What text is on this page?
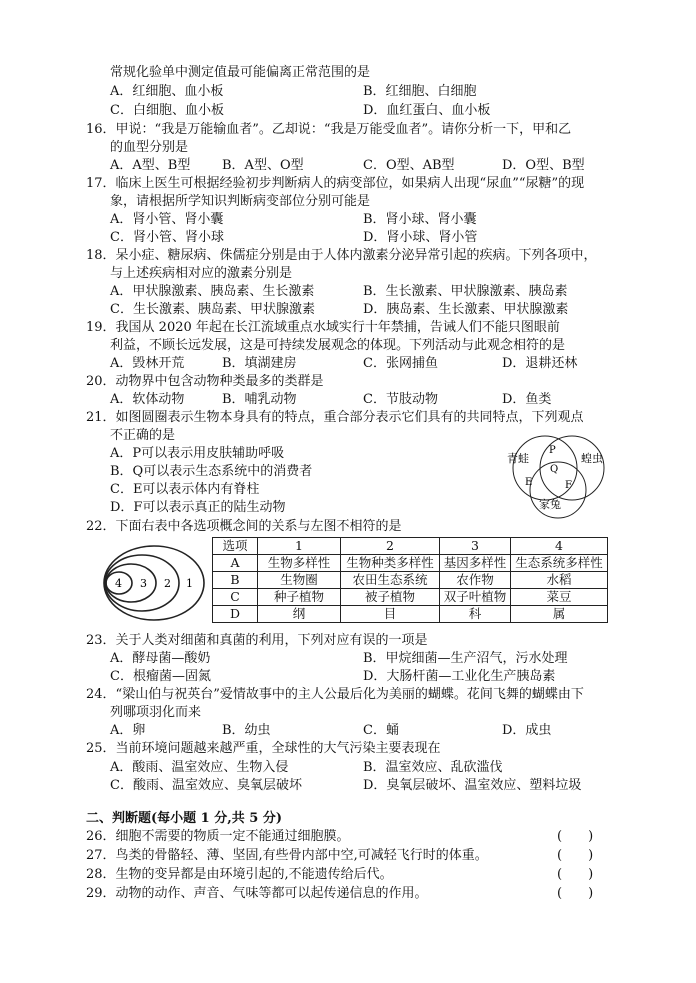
常规化验单中测定值最可能偏离正常范围的是
A．红细胞、血小板	B．红细胞、白细胞
C．白细胞、血小板	D．血红蛋白、血小板
16．甲说：“我是万能输血者”。乙却说：“我是万能受血者”。请你分析一下，甲和乙
的血型分别是
A．A型、B型 B．A型、O型	C．O型、AB型	D．O型、B型
17．临床上医生可根据经验初步判断病人的病变部位，如果病人出现“尿血”“尿糖”的现
象，请根据所学知识判断病变部位分别可能是
A．肾小管、肾小囊	B．肾小球、肾小囊
C．肾小管、肾小球	D．肾小球、肾小管
18．呆小症、糖尿病、侏儒症分别是由于人体内激素分泌异常引起的疾病。下列各项中，
与上述疾病相对应的激素分别是
A．甲状腺激素、胰岛素、生长激素	B．生长激素、甲状腺激素、胰岛素
C．生长激素、胰岛素、甲状腺激素	D．胰岛素、生长激素、甲状腺激素
19．我国从 2020 年起在长江流域重点水域实行十年禁捕，告诫人们不能只图眼前
利益，不顾长远发展，这是可持续发展观念的体现。下列活动与此观念相符的是
A．毁林开荒	B．填湖建房	C．张网捕鱼	D．退耕还林
20．动物界中包含动物种类最多的类群是
A．软体动物	B．哺乳动物	C．节肢动物	D．鱼类
21．如图圆圈表示生物本身具有的特点，重合部分表示它们具有的共同特点，下列观点
不正确的是
A．P可以表示用皮肤辅助呼吸
B．Q可以表示生态系统中的消费者
C．E可以表示体内有脊柱
D．F可以表示真正的陆生动物
青蛙	蝗虫
家兔
P
Q
E	F
22．下面右表中各选项概念间的关系与左图不相符的是
4 3 2 1
选项	1	2	3	4
A	生物多样性	生物种类多样性	基因多样性	生态系统多样性
B	生物圈	农田生态系统	农作物	水稻
C	种子植物	被子植物	双子叶植物	菜豆
D	纲	目	科	属
23．关于人类对细菌和真菌的利用，下列对应有误的一项是
A．酵母菌—酸奶	B．甲烷细菌—生产沼气，污水处理
C．根瘤菌—固氮	D．大肠杆菌—工业化生产胰岛素
24．“梁山伯与祝英台”爱情故事中的主人公最后化为美丽的蝴蝶。花间飞舞的蝴蝶由下
列哪项羽化而来
A．卵	B．幼虫	C．蛹	D．成虫
25．当前环境问题越来越严重，全球性的大气污染主要表现在
A．酸雨、温室效应、生物入侵	B．温室效应、乱砍滥伐
C．酸雨、温室效应、臭氧层破坏	D．臭氧层破坏、温室效应、塑料垃圾
二、判断题(每小题 1 分,共 5 分)
26．细胞不需要的物质一定不能通过细胞膜。	(　　)
27．鸟类的骨骼轻、薄、坚固,有些骨内部中空,可减轻飞行时的体重。	(　　)
28．生物的变异都是由环境引起的,不能遗传给后代。	(　　)
29．动物的动作、声音、气味等都可以起传递信息的作用。	(　　)
